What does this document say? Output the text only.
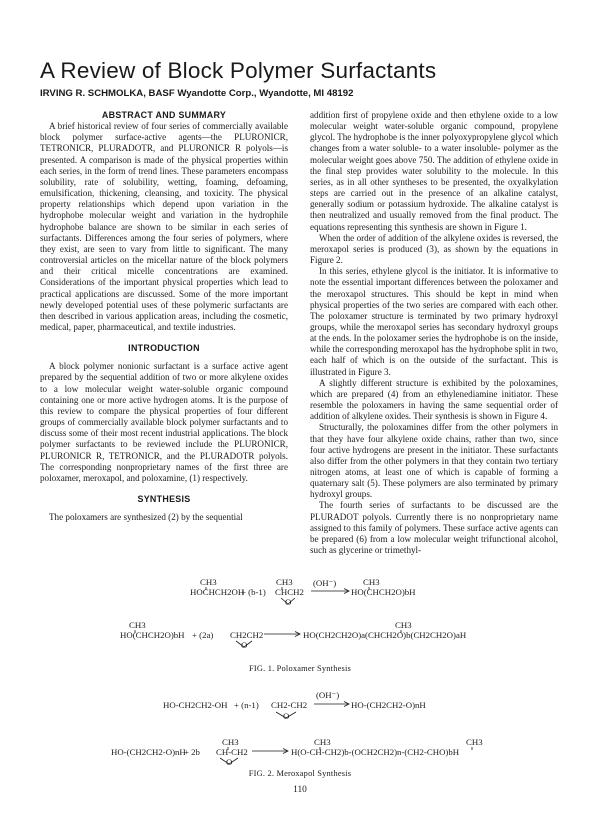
A Review of Block Polymer Surfactants
IRVING R. SCHMOLKA, BASF Wyandotte Corp., Wyandotte, MI 48192
ABSTRACT AND SUMMARY

A brief historical review of four series of commercially available block polymer surface-active agents—the PLURONICR, TETRONICR, PLURADOTR, and PLURONICR R polyols—is presented. A comparison is made of the physical properties within each series, in the form of trend lines. These parameters encompass solubility, rate of solubility, wetting, foaming, defoaming, emulsification, thickening, cleansing, and toxicity. The physical property relationships which depend upon variation in the hydrophobe molecular weight and variation in the hydrophile hydrophobe balance are shown to be similar in each series of surfactants. Differences among the four series of polymers, where they exist, are seen to vary from little to significant. The many controversial articles on the micellar nature of the block polymers and their critical micelle concentrations are examined. Considerations of the important physical properties which lead to practical applications are discussed. Some of the more important newly developed potential uses of these polymeric surfactants are then described in various application areas, including the cosmetic, medical, paper, pharmaceutical, and textile industries.

INTRODUCTION

A block polymer nonionic surfactant is a surface active agent prepared by the sequential addition of two or more alkylene oxides to a low molecular weight water-soluble organic compound containing one or more active hydrogen atoms. It is the purpose of this review to compare the physical properties of four different groups of commercially available block polymer surfactants and to discuss some of their most recent industrial applications. The block polymer surfactants to be reviewed include the PLURONICR, PLURONICR R, TETRONICR, and the PLURADOTR polyols. The corresponding nonproprietary names of the first three are poloxamer, meroxapol, and poloxamine, (1) respectively.

SYNTHESIS

The poloxamers are synthesized (2) by the sequential

addition first of propylene oxide and then ethylene oxide to a low molecular weight water-soluble organic compound, propylene glycol. The hydrophobe is the inner polyoxypropylene glycol which changes from a water soluble- to a water insoluble- polymer as the molecular weight goes above 750. The addition of ethylene oxide in the final step provides water solubility to the molecule. In this series, as in all other syntheses to be presented, the oxyalkylation steps are carried out in the presence of an alkaline catalyst, generally sodium or potassium hydroxide. The alkaline catalyst is then neutralized and usually removed from the final product. The equations representing this synthesis are shown in Figure 1.

When the order of addition of the alkylene oxides is reversed, the meroxapol series is produced (3), as shown by the equations in Figure 2.

In this series, ethylene glycol is the initiator. It is informative to note the essential important differences between the poloxamer and the meroxapol structures. This should be kept in mind when physical properties of the two series are compared with each other. The poloxamer structure is terminated by two primary hydroxyl groups, while the meroxapol series has secondary hydroxyl groups at the ends. In the poloxamer series the hydrophobe is on the inside, while the corresponding meroxapol has the hydrophobe split in two, each half of which is on the outside of the surfactant. This is illustrated in Figure 3.

A slightly different structure is exhibited by the poloxamines, which are prepared (4) from an ethylenediamine initiator. These resemble the poloxamers in having the same sequential order of addition of alkylene oxides. Their synthesis is shown in Figure 4.

Structurally, the poloxamines differ from the other polymers in that they have four alkylene oxide chains, rather than two, since four active hydrogens are present in the initiator. These surfactants also differ from the other polymers in that they contain two tertiary nitrogen atoms, at least one of which is capable of forming a quaternary salt (5). These polymers are also terminated by primary hydroxyl groups.

The fourth series of surfactants to be discussed are the PLURADOT polyols. Currently there is no nonproprietary name assigned to this family of polymers. These surface active agents can be prepared (6) from a low molecular weight trifunctional alcohol, such as glycerine or trimethyl-

CH3
HOCHCH2OH
+ (b-1)
CH3
CHCH2
O
(OH⁻)	CH3
HO(CHCH2O)bH
CH3
HO(CHCH2O)bH + (2a) CH2CH2
O
CH3
HO(CH2CH2O)a(CHCH2O)b(CH2CH2O)aH
FIG. 1. Poloxamer Synthesis
HO-CH2CH2-OH + (n-1) CH2-CH2
O
(OH⁻)
HO-(CH2CH2-O)nH
HO-(CH2CH2-O)nH
+ 2b
CH3
CH-CH2
O
CH3	CH3
H(O-CH-CH2)b-(OCH2CH2)n-(CH2-CHO)bH
FIG. 2. Meroxapol Synthesis
110
